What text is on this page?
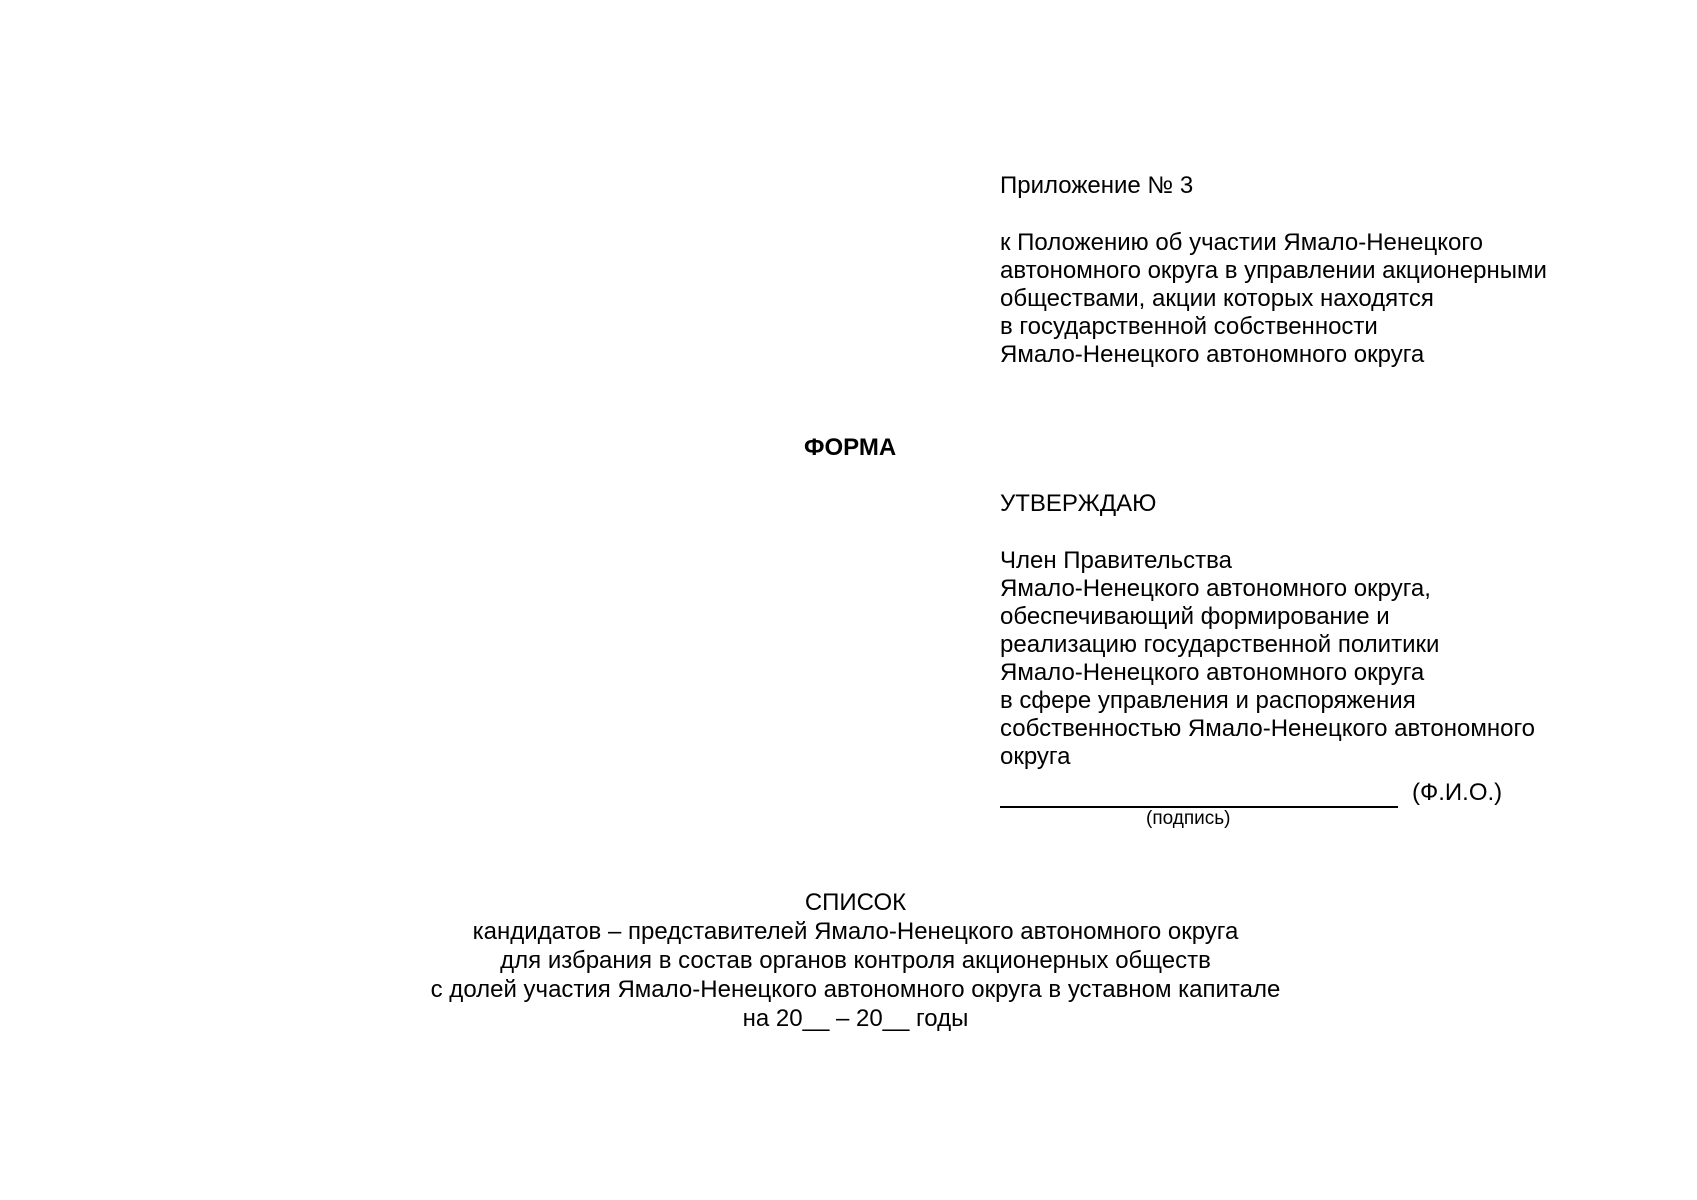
Приложение № 3
к Положению об участии Ямало-Ненецкого
автономного округа в управлении акционерными
обществами, акции которых находятся
в государственной собственности
Ямало-Ненецкого автономного округа
ФОРМА
УТВЕРЖДАЮ
Член Правительства
Ямало-Ненецкого автономного округа,
обеспечивающий формирование и
реализацию государственной политики
Ямало-Ненецкого автономного округа
в сфере управления и распоряжения
собственностью Ямало-Ненецкого автономного
округа
(Ф.И.О.)
(подпись)
СПИСОК
кандидатов – представителей Ямало-Ненецкого автономного округа
для избрания в состав органов контроля акционерных обществ
с долей участия Ямало-Ненецкого автономного округа в уставном капитале
на 20__ – 20__ годы
